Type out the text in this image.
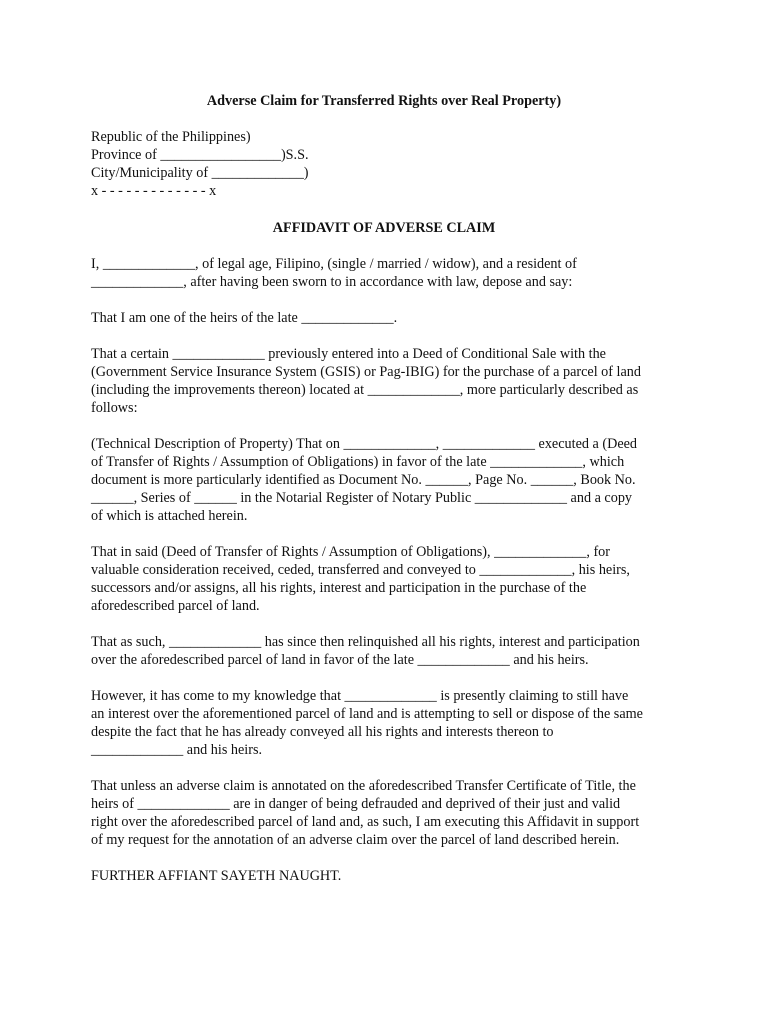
Adverse Claim for Transferred Rights over Real Property)
Republic of the Philippines)
Province of _________________)S.S.
City/Municipality of _____________)
x - - - - - - - - - - - - - x
AFFIDAVIT OF ADVERSE CLAIM

I, _____________, of legal age, Filipino, (single / married / widow), and a resident of
_____________, after having been sworn to in accordance with law, depose and say:

That I am one of the heirs of the late _____________.

That a certain _____________ previously entered into a Deed of Conditional Sale with the
(Government Service Insurance System (GSIS) or Pag-IBIG) for the purchase of a parcel of land
(including the improvements thereon) located at _____________, more particularly described as
follows:

(Technical Description of Property) That on _____________, _____________ executed a (Deed
of Transfer of Rights / Assumption of Obligations) in favor of the late _____________, which
document is more particularly identified as Document No. ______, Page No. ______, Book No.
______, Series of ______ in the Notarial Register of Notary Public _____________ and a copy
of which is attached herein.

That in said (Deed of Transfer of Rights / Assumption of Obligations), _____________, for
valuable consideration received, ceded, transferred and conveyed to _____________, his heirs,
successors and/or assigns, all his rights, interest and participation in the purchase of the
aforedescribed parcel of land.

That as such, _____________ has since then relinquished all his rights, interest and participation
over the aforedescribed parcel of land in favor of the late _____________ and his heirs.

However, it has come to my knowledge that _____________ is presently claiming to still have
an interest over the aforementioned parcel of land and is attempting to sell or dispose of the same
despite the fact that he has already conveyed all his rights and interests thereon to
_____________ and his heirs.

That unless an adverse claim is annotated on the aforedescribed Transfer Certificate of Title, the
heirs of _____________ are in danger of being defrauded and deprived of their just and valid
right over the aforedescribed parcel of land and, as such, I am executing this Affidavit in support
of my request for the annotation of an adverse claim over the parcel of land described herein.

FURTHER AFFIANT SAYETH NAUGHT.
